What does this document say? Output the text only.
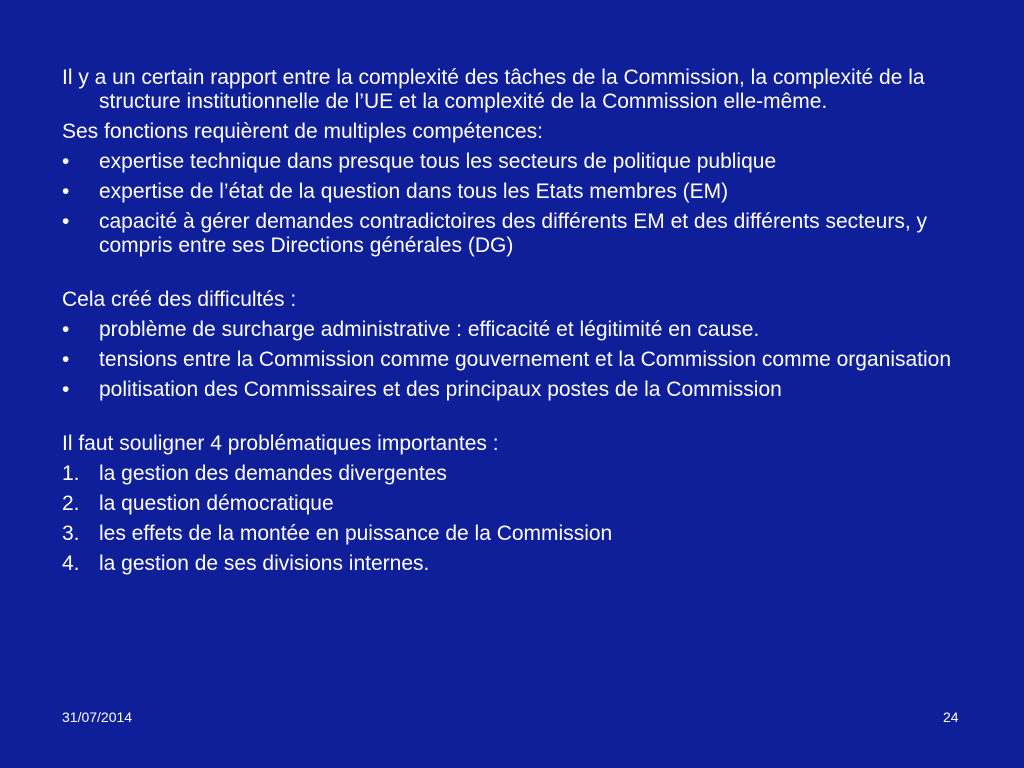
Il y a un certain rapport entre la complexité des tâches de la Commission, la complexité de la structure institutionnelle de l’UE et la complexité de la Commission elle-même.

Ses fonctions requièrent de multiples compétences:

•	expertise technique dans presque tous les secteurs de politique publique
•	expertise de l’état de la question dans tous les Etats membres (EM)
•	capacité à gérer demandes contradictoires des différents EM et des différents secteurs, y compris entre ses Directions générales (DG)

Cela créé des difficultés :

•	problème de surcharge administrative : efficacité et légitimité en cause.
•	tensions entre la Commission comme gouvernement et la Commission comme organisation
•	politisation des Commissaires et des principaux postes de la Commission

Il faut souligner 4 problématiques importantes :

1. la gestion des demandes divergentes
2. la question démocratique
3. les effets de la montée en puissance de la Commission
4. la gestion de ses divisions internes.
31/07/2014	24
